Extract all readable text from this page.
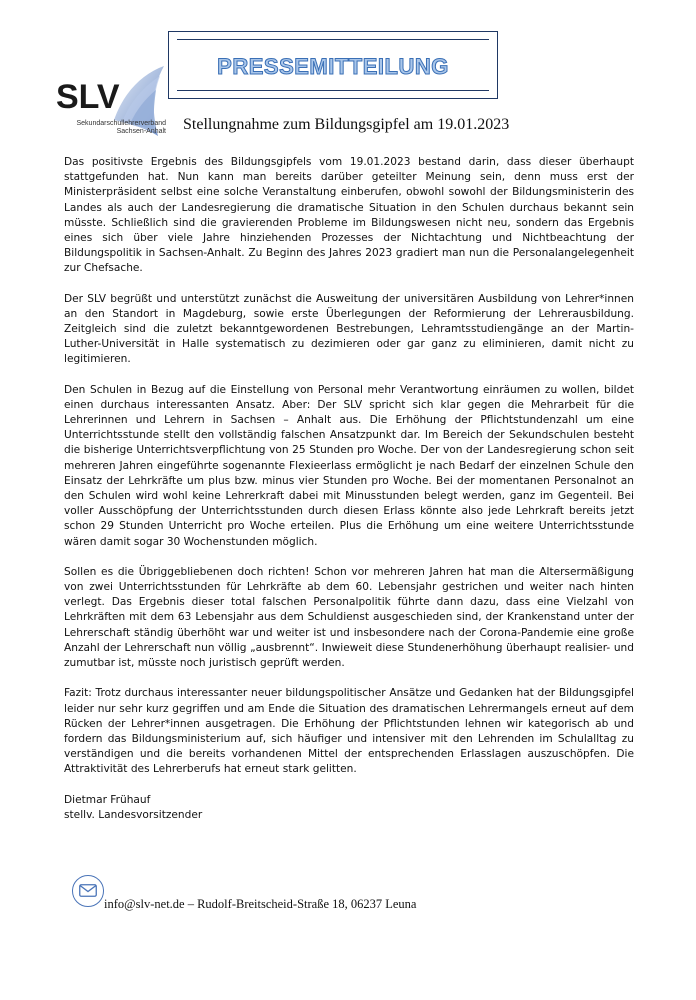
SLV
Sekundarschullehrerverband
Sachsen-Anhalt
PRESSEMITTEILUNG
Stellungnahme zum Bildungsgipfel am 19.01.2023

Das positivste Ergebnis des Bildungsgipfels vom 19.01.2023 bestand darin, dass dieser überhaupt stattgefunden hat. Nun kann man bereits darüber geteilter Meinung sein, denn muss erst der Ministerpräsident selbst eine solche Veranstaltung einberufen, obwohl sowohl der Bildungsministerin des Landes als auch der Landesregierung die dramatische Situation in den Schulen durchaus bekannt sein müsste. Schließlich sind die gravierenden Probleme im Bildungswesen nicht neu, sondern das Ergebnis eines sich über viele Jahre hinziehenden Prozesses der Nichtachtung und Nichtbeachtung der Bildungspolitik in Sachsen-Anhalt. Zu Beginn des Jahres 2023 gradiert man nun die Personalangelegenheit zur Chefsache.

Der SLV begrüßt und unterstützt zunächst die Ausweitung der universitären Ausbildung von Lehrer*innen an den Standort in Magdeburg, sowie erste Überlegungen der Reformierung der Lehrerausbildung. Zeitgleich sind die zuletzt bekanntgewordenen Bestrebungen, Lehramtsstudiengänge an der Martin-Luther-Universität in Halle systematisch zu dezimieren oder gar ganz zu eliminieren, damit nicht zu legitimieren.

Den Schulen in Bezug auf die Einstellung von Personal mehr Verantwortung einräumen zu wollen, bildet einen durchaus interessanten Ansatz. Aber: Der SLV spricht sich klar gegen die Mehrarbeit für die Lehrerinnen und Lehrern in Sachsen – Anhalt aus. Die Erhöhung der Pflichtstundenzahl um eine Unterrichtsstunde stellt den vollständig falschen Ansatzpunkt dar. Im Bereich der Sekundschulen besteht die bisherige Unterrichtsverpflichtung von 25 Stunden pro Woche. Der von der Landesregierung schon seit mehreren Jahren eingeführte sogenannte Flexieerlass ermöglicht je nach Bedarf der einzelnen Schule den Einsatz der Lehrkräfte um plus bzw. minus vier Stunden pro Woche. Bei der momentanen Personalnot an den Schulen wird wohl keine Lehrerkraft dabei mit Minusstunden belegt werden, ganz im Gegenteil. Bei voller Ausschöpfung der Unterrichtsstunden durch diesen Erlass könnte also jede Lehrkraft bereits jetzt schon 29 Stunden Unterricht pro Woche erteilen. Plus die Erhöhung um eine weitere Unterrichtsstunde wären damit sogar 30 Wochenstunden möglich.

Sollen es die Übriggebliebenen doch richten! Schon vor mehreren Jahren hat man die Altersermäßigung von zwei Unterrichtsstunden für Lehrkräfte ab dem 60. Lebensjahr gestrichen und weiter nach hinten verlegt. Das Ergebnis dieser total falschen Personalpolitik führte dann dazu, dass eine Vielzahl von Lehrkräften mit dem 63 Lebensjahr aus dem Schuldienst ausgeschieden sind, der Krankenstand unter der Lehrerschaft ständig überhöht war und weiter ist und insbesondere nach der Corona-Pandemie eine große Anzahl der Lehrerschaft nun völlig „ausbrennt“. Inwieweit diese Stundenerhöhung überhaupt realisier- und zumutbar ist, müsste noch juristisch geprüft werden.

Fazit: Trotz durchaus interessanter neuer bildungspolitischer Ansätze und Gedanken hat der Bildungsgipfel leider nur sehr kurz gegriffen und am Ende die Situation des dramatischen Lehrermangels erneut auf dem Rücken der Lehrer*innen ausgetragen. Die Erhöhung der Pflichtstunden lehnen wir kategorisch ab und fordern das Bildungsministerium auf, sich häufiger und intensiver mit den Lehrenden im Schulalltag zu verständigen und die bereits vorhandenen Mittel der entsprechenden Erlasslagen auszuschöpfen. Die Attraktivität des Lehrerberufs hat erneut stark gelitten.

Dietmar Frühauf
stellv. Landesvorsitzender
info@slv-net.de – Rudolf-Breitscheid-Straße 18, 06237 Leuna
